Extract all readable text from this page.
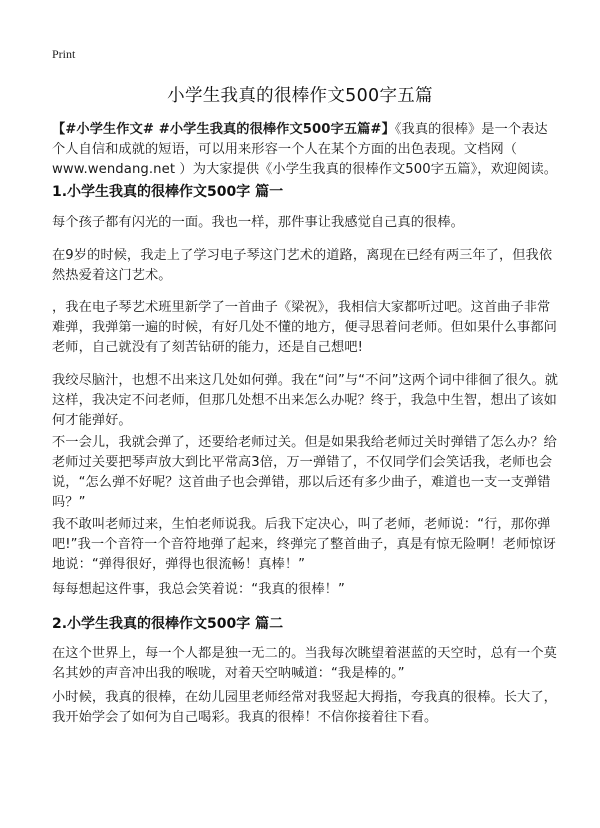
Print
小学生我真的很棒作文500字五篇

【#小学生作文# #小学生我真的很棒作文500字五篇#】《我真的很棒》是一个表达个人自信和成就的短语，可以用来形容一个人在某个方面的出色表现。文档网（ www.wendang.net ）为大家提供《小学生我真的很棒作文500字五篇》，欢迎阅读。

1.小学生我真的很棒作文500字 篇一

每个孩子都有闪光的一面。我也一样，那件事让我感觉自己真的很棒。

在9岁的时候，我走上了学习电子琴这门艺术的道路，离现在已经有两三年了，但我依然热爱着这门艺术。

，我在电子琴艺术班里新学了一首曲子《梁祝》，我相信大家都听过吧。这首曲子非常难弹，我弹第一遍的时候，有好几处不懂的地方，便寻思着问老师。但如果什么事都问老师，自己就没有了刻苦钻研的能力，还是自己想吧!

我绞尽脑汁，也想不出来这几处如何弹。我在“问”与“不问”这两个词中徘徊了很久。就这样，我决定不问老师，但那几处想不出来怎么办呢？终于，我急中生智，想出了该如何才能弹好。

不一会儿，我就会弹了，还要给老师过关。但是如果我给老师过关时弹错了怎么办？给老师过关要把琴声放大到比平常高3倍，万一弹错了，不仅同学们会笑话我，老师也会说，“怎么弹不好呢？这首曲子也会弹错，那以后还有多少曲子，难道也一支一支弹错吗？”

我不敢叫老师过来，生怕老师说我。后我下定决心，叫了老师，老师说：“行，那你弹吧!”我一个音符一个音符地弹了起来，终弹完了整首曲子，真是有惊无险啊！老师惊讶地说：“弹得很好，弹得也很流畅！真棒！”

每每想起这件事，我总会笑着说：“我真的很棒！”

2.小学生我真的很棒作文500字 篇二

在这个世界上，每一个人都是独一无二的。当我每次眺望着湛蓝的天空时，总有一个莫名其妙的声音冲出我的喉咙，对着天空呐喊道：“我是棒的。”

小时候，我真的很棒，在幼儿园里老师经常对我竖起大拇指，夸我真的很棒。长大了，我开始学会了如何为自己喝彩。我真的很棒！不信你接着往下看。
